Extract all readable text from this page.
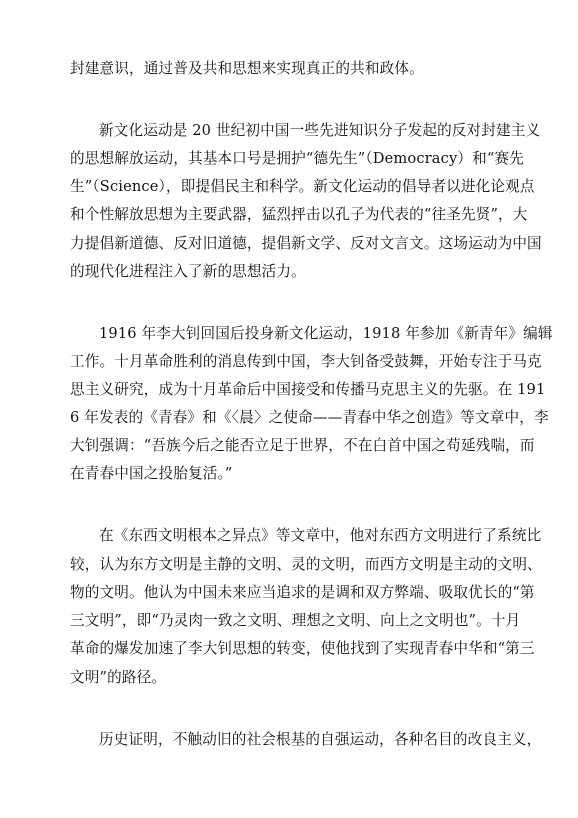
封建意识，通过普及共和思想来实现真正的共和政体。
新文化运动是 20 世纪初中国一些先进知识分子发起的反对封建主义
的思想解放运动，其基本口号是拥护“德先生”（Democracy）和“赛先
生”（Science），即提倡民主和科学。新文化运动的倡导者以进化论观点
和个性解放思想为主要武器，猛烈抨击以孔子为代表的“往圣先贤”，大
力提倡新道德、反对旧道德，提倡新文学、反对文言文。这场运动为中国
的现代化进程注入了新的思想活力。
1916 年李大钊回国后投身新文化运动，1918 年参加《新青年》编辑
工作。十月革命胜利的消息传到中国，李大钊备受鼓舞，开始专注于马克
思主义研究，成为十月革命后中国接受和传播马克思主义的先驱。在 191
6 年发表的《青春》和《〈晨〉之使命——青春中华之创造》等文章中，李
大钊强调：“吾族今后之能否立足于世界，不在白首中国之苟延残喘，而
在青春中国之投胎复活。”
在《东西文明根本之异点》等文章中，他对东西方文明进行了系统比
较，认为东方文明是主静的文明、灵的文明，而西方文明是主动的文明、
物的文明。他认为中国未来应当追求的是调和双方弊端、吸取优长的“第
三文明”，即“乃灵肉一致之文明、理想之文明、向上之文明也”。十月
革命的爆发加速了李大钊思想的转变，使他找到了实现青春中华和“第三
文明”的路径。
历史证明，不触动旧的社会根基的自强运动，各种名目的改良主义，
